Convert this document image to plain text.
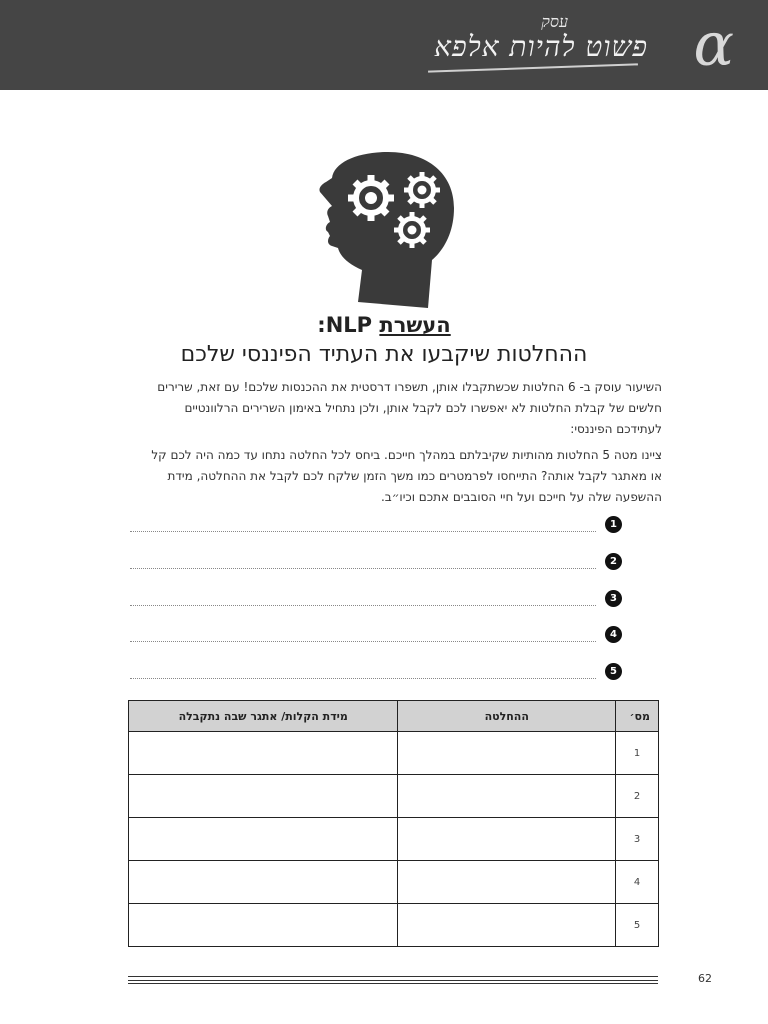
עסק
פשוט להיות אלפא α
העשרת NLP:
ההחלטות שיקבעו את העתיד הפיננסי שלכם
השיעור עוסק ב- 6 החלטות שכשתקבלו אותן, תשפרו דרסטית את ההכנסות שלכם! עם זאת, שרירים חלשים של קבלת החלטות לא יאפשרו לכם לקבל אותן, ולכן נתחיל באימון השרירים הרלוונטיים לעתידכם הפיננסי:
ציינו מטה 5 החלטות מהותיות שקיבלתם במהלך חייכם. ביחס לכל החלטה נתחו עד כמה היה לכם קל או מאתגר לקבל אותה? התייחסו לפרמטרים כמו משך הזמן שלקח לכם לקבל את ההחלטה, מידת ההשפעה שלה על חייכם ועל חיי הסובבים אתכם וכיו״ב.
1
2
3
4
5
מס׳	ההחלטה	מידת הקלות/ אתגר שבה נתקבלה
1		
2		
3		
4		
5		
62
